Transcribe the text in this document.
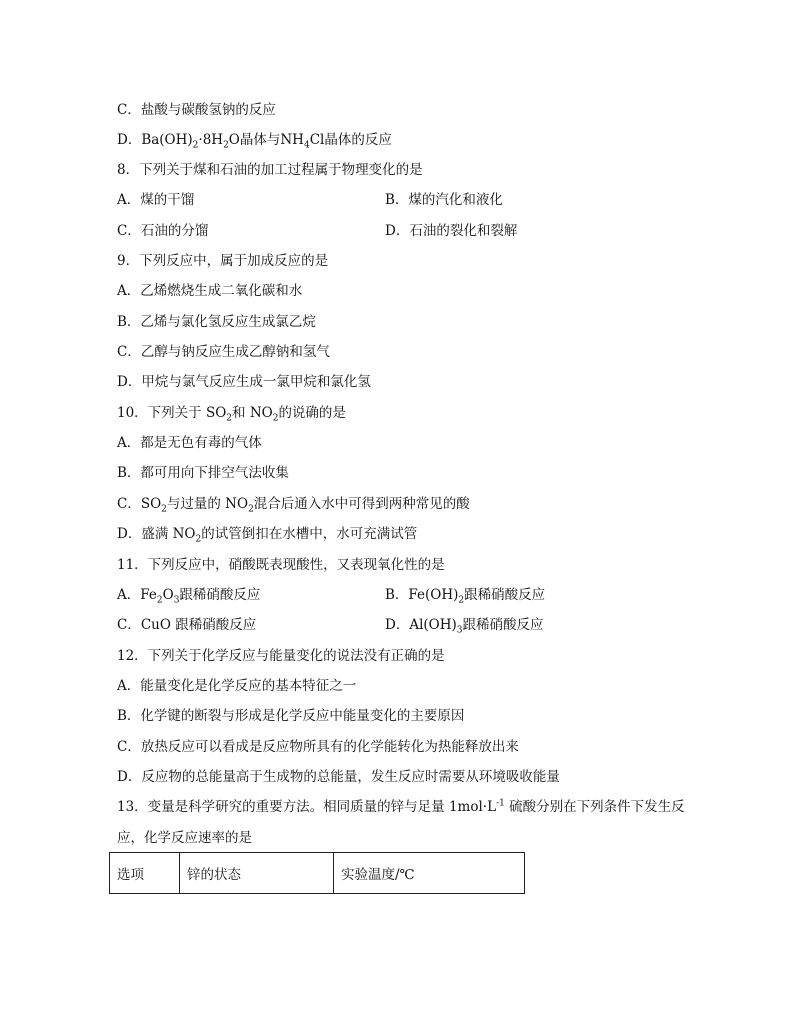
C．盐酸与碳酸氢钠的反应
D．$Ba(OH)_2\cdot 8H_2O$晶体与$NH_4Cl$晶体的反应
8．下列关于煤和石油的加工过程属于物理变化的是
A．煤的干馏	B．煤的汽化和液化
C．石油的分馏	D．石油的裂化和裂解
9．下列反应中，属于加成反应的是
A．乙烯燃烧生成二氧化碳和水
B．乙烯与氯化氢反应生成氯乙烷
C．乙醇与钠反应生成乙醇钠和氢气
D．甲烷与氯气反应生成一氯甲烷和氯化氢
10．下列关于 $SO_2$和 $NO_2$的说确的是
A．都是无色有毒的气体
B．都可用向下排空气法收集
C．$SO_2$与过量的 $NO_2$混合后通入水中可得到两种常见的酸
D．盛满 $NO_2$的试管倒扣在水槽中，水可充满试管
11．下列反应中，硝酸既表现酸性，又表现氧化性的是
A．$Fe_2O_3$跟稀硝酸反应	B．$Fe(OH)_2$跟稀硝酸反应
C．CuO 跟稀硝酸反应	D．$Al(OH)_3$跟稀硝酸反应
12．下列关于化学反应与能量变化的说法没有正确的是
A．能量变化是化学反应的基本特征之一
B．化学键的断裂与形成是化学反应中能量变化的主要原因
C．放热反应可以看成是反应物所具有的化学能转化为热能释放出来
D．反应物的总能量高于生成物的总能量，发生反应时需要从环境吸收能量
13．变量是科学研究的重要方法。相同质量的锌与足量 $1mol\cdot L^{-1}$ 硫酸分别在下列条件下发生反
应，化学反应速率的是
选项	锌的状态	实验温度/℃
